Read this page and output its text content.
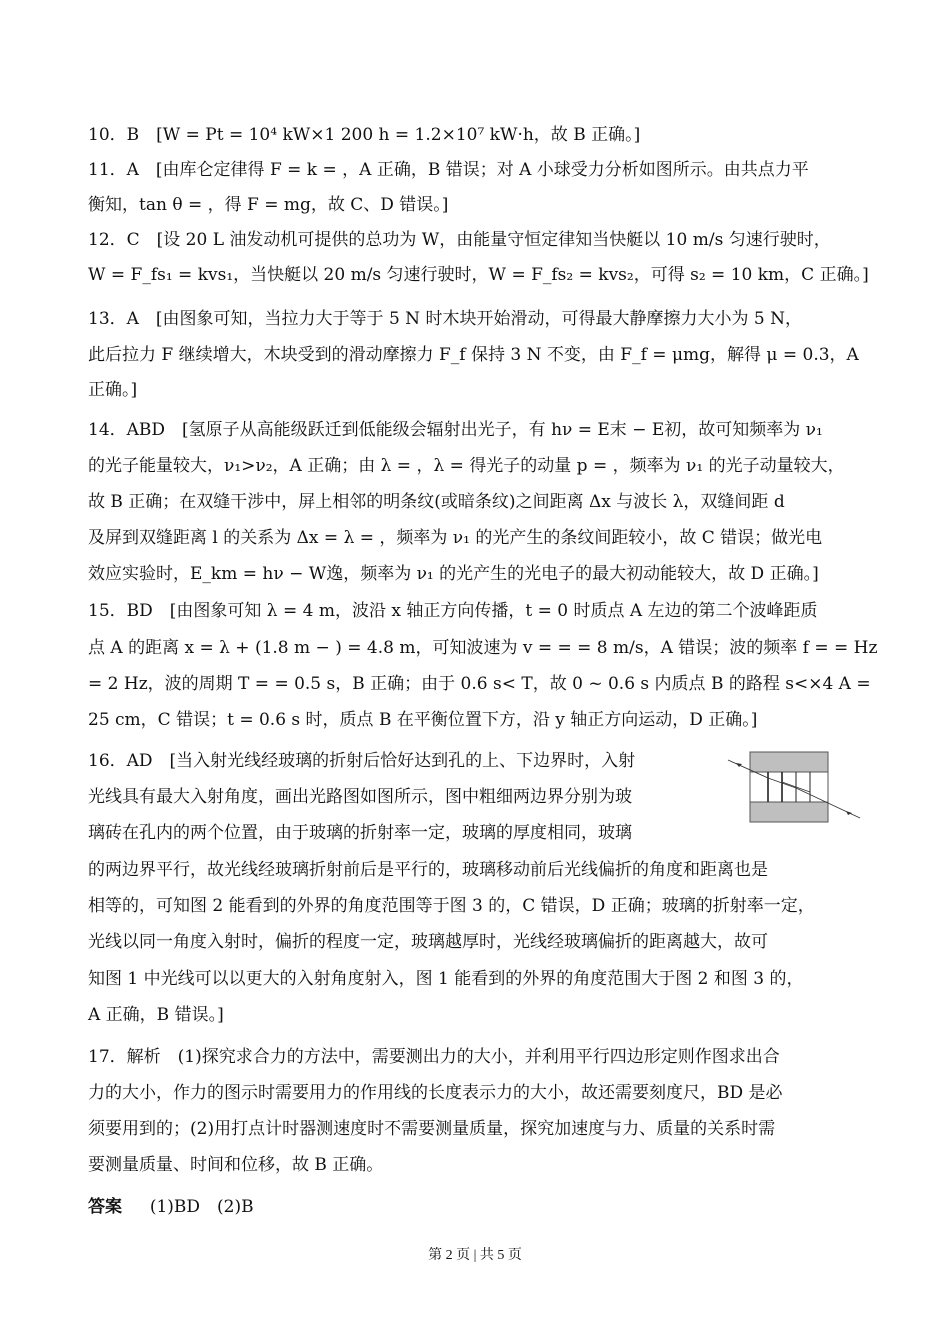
10．B　[W = Pt = 10⁴ kW×1 200 h = 1.2×10⁷ kW·h，故 B 正确。]
11．A　[由库仑定律得 F = k = ，A 正确，B 错误；对 A 小球受力分析如图所示。由共点力平
衡知，tan θ = ，得 F = mg，故 C、D 错误。]
12．C　[设 20 L 油发动机可提供的总功为 W，由能量守恒定律知当快艇以 10 m/s 匀速行驶时，
W = F_fs₁ = kvs₁，当快艇以 20 m/s 匀速行驶时，W = F_fs₂ = kvs₂，可得 s₂ = 10 km，C 正确。]
13．A　[由图象可知，当拉力大于等于 5 N 时木块开始滑动，可得最大静摩擦力大小为 5 N，
此后拉力 F 继续增大，木块受到的滑动摩擦力 F_f 保持 3 N 不变，由 F_f = μmg，解得 μ = 0.3，A
正确。]
14．ABD　[氢原子从高能级跃迁到低能级会辐射出光子，有 hν = E末 − E初，故可知频率为 ν₁
的光子能量较大，ν₁>ν₂，A 正确；由 λ = ，λ = 得光子的动量 p = ，频率为 ν₁ 的光子动量较大，
故 B 正确；在双缝干涉中，屏上相邻的明条纹(或暗条纹)之间距离 Δx 与波长 λ，双缝间距 d
及屏到双缝距离 l 的关系为 Δx = λ = ，频率为 ν₁ 的光产生的条纹间距较小，故 C 错误；做光电
效应实验时，E_km = hν − W逸，频率为 ν₁ 的光产生的光电子的最大初动能较大，故 D 正确。]
15．BD　[由图象可知 λ = 4 m，波沿 x 轴正方向传播，t = 0 时质点 A 左边的第二个波峰距质
点 A 的距离 x = λ + (1.8 m − ) = 4.8 m，可知波速为 v = = = 8 m/s，A 错误；波的频率 f = = Hz
= 2 Hz，波的周期 T = = 0.5 s，B 正确；由于 0.6 s< T，故 0 ~ 0.6 s 内质点 B 的路程 s<×4 A =
25 cm，C 错误；t = 0.6 s 时，质点 B 在平衡位置下方，沿 y 轴正方向运动，D 正确。]
16．AD　[当入射光线经玻璃的折射后恰好达到孔的上、下边界时，入射
光线具有最大入射角度，画出光路图如图所示，图中粗细两边界分别为玻
璃砖在孔内的两个位置，由于玻璃的折射率一定，玻璃的厚度相同，玻璃
的两边界平行，故光线经玻璃折射前后是平行的，玻璃移动前后光线偏折的角度和距离也是
相等的，可知图 2 能看到的外界的角度范围等于图 3 的，C 错误，D 正确；玻璃的折射率一定，
光线以同一角度入射时，偏折的程度一定，玻璃越厚时，光线经玻璃偏折的距离越大，故可
知图 1 中光线可以以更大的入射角度射入，图 1 能看到的外界的角度范围大于图 2 和图 3 的，
A 正确，B 错误。]
17．解析　(1)探究求合力的方法中，需要测出力的大小，并利用平行四边形定则作图求出合
力的大小，作力的图示时需要用力的作用线的长度表示力的大小，故还需要刻度尺，BD 是必
须要用到的；(2)用打点计时器测速度时不需要测量质量，探究加速度与力、质量的关系时需
要测量质量、时间和位移，故 B 正确。
答案 　 (1)BD　(2)B
第 2 页 | 共 5 页
